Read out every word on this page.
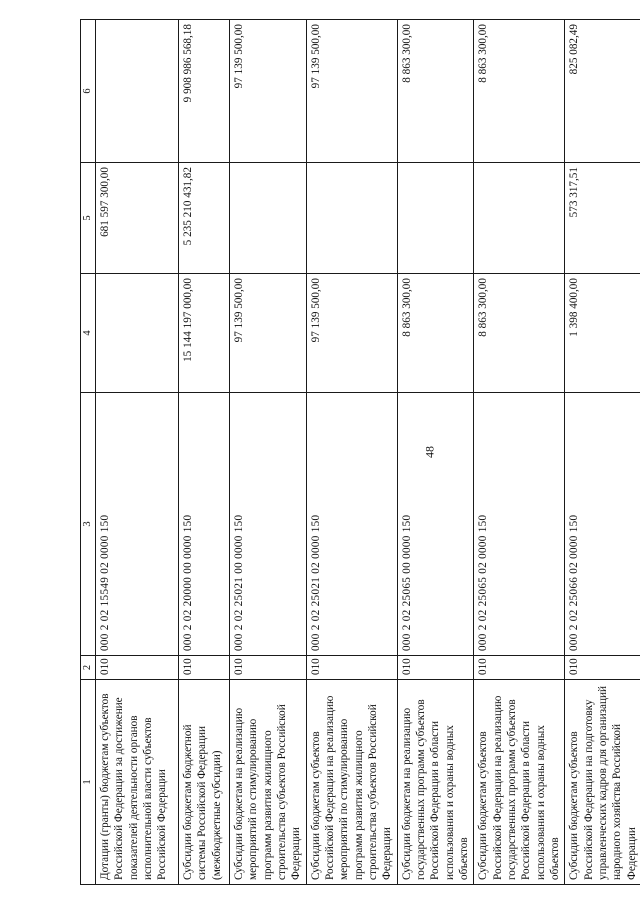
48
1	2	3	4	5	6
Дотации (гранты) бюджетам субъектов Российской Федерации за достижение показателей деятельности органов исполнительной власти субъектов Российской Федерации	010	000 2 02 15549 02 0000 150		681 597 300,00	
Субсидии бюджетам бюджетной системы Российской Федерации (межбюджетные субсидии)	010	000 2 02 20000 00 0000 150	15 144 197 000,00	5 235 210 431,82	9 908 986 568,18
Субсидии бюджетам на реализацию мероприятий по стимулированию программ развития жилищного строительства субъектов Российской Федерации	010	000 2 02 25021 00 0000 150	97 139 500,00		97 139 500,00
Субсидии бюджетам субъектов Российской Федерации на реализацию мероприятий по стимулированию программ развития жилищного строительства субъектов Российской Федерации	010	000 2 02 25021 02 0000 150	97 139 500,00		97 139 500,00
Субсидии бюджетам на реализацию государственных программ субъектов Российской Федерации в области использования и охраны водных объектов	010	000 2 02 25065 00 0000 150	8 863 300,00		8 863 300,00
Субсидии бюджетам субъектов Российской Федерации на реализацию государственных программ субъектов Российской Федерации в области использования и охраны водных объектов	010	000 2 02 25065 02 0000 150	8 863 300,00		8 863 300,00
Субсидии бюджетам субъектов Российской Федерации на подготовку управленческих кадров для организаций народного хозяйства Российской Федерации	010	000 2 02 25066 02 0000 150	1 398 400,00	573 317,51	825 082,49
